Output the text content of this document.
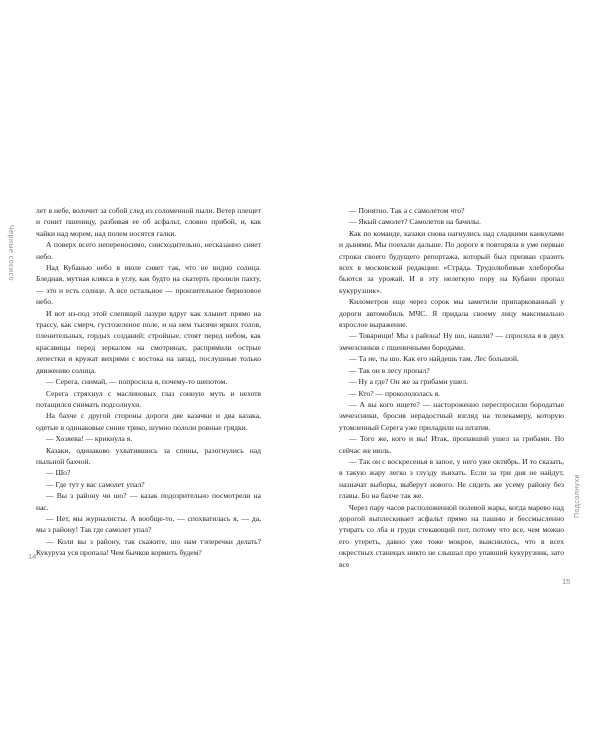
Черные сосисо
14

лет в небе, волочит за собой след из соломенной пыли. Ветер плещет и гонит пшеницу, разбивая ее об асфальт, словно прибой, и, как чайки над морем, над полем носятся галки.

А поверх всего непереносимо, снисходительно, несказанно сияет небо.

Над Кубанью небо в июле сияет так, что не видно солнца. Бледная, мутная клякса в углу, как будто на скатерть пролили пахту, — это и есть солнце. А все остальное — пронзительное бирюзовое небо.

И вот из-под этой слепящей лазури вдруг как хлынет прямо на трассу, как смерч, густозеленое поле, и на нем тысячи ярких голов, пленительных, гордых созданий; стройные, стоят перед небом, как красавицы перед зеркалом на смотринах, распрямили острые лепестки и кружат вихрями с востока на запад, послушные только движению солнца.

— Серега, снимай, — попросила я, почему-то шепотом.

Серега стряхнул с маслиновых глаз сонную муть и нехотя потащился снимать подсолнухи.

На бахче с другой стороны дороги две казачки и два казака, одетые в одинаковые синие трико, шумно пололи ровные грядки.

— Хозяева! — крикнула я.

Казаки, одинаково ухватившись за спины, разогнулись над пыльной бахчой.

— Шо?

— Где тут у вас самолет упал?

— Вы з району чи шо? — казак подозрительно посмотрели на нас.

— Нет, мы журналисты. А вообще-то, — спохватилась я, — да, мы з району! Так где самолет упал?

— Коли вы з району, так скажите, шо нам тэперечки делать? Кукуруза уся пропала! Чем бычков кормить будем?

— Понятно. Так а с самолетом что?

— Якый самолет? Самолетов на бачилы.

Как по команде, казаки снова нагнулись над сладкими канкулами и дынями. Мы поехали дальше. По дороге я повторяла в уме первые строки своего будущего репортажа, который был призван сразить всех в московской редакции: «Страда. Трудолюбивые хлеборобы бьются за урожай. И в эту нелегкую пору на Кубани пропал кукурузник».

Километров еще через сорок мы заметили припаркованный у дороги автомобиль МЧС. Я придала своему лицу максимально взрослое выражение.

— Товарищи! Мы з района! Ну шо, нашли? — спросила я в двух эмчеэсников с пшеничными бородами.

— Та не, ты шо. Как его найдешь там. Лес большой.

— Так он в лесу пропал?

— Ну а где? Он же за грибами ушел.

— Кто? — проколололась я.

— А вы кого ищете? — настороженно переспросили бородатые эмчеэсники, бросив нерадостный взгляд на телекамеру, которую утомленный Серега уже приладили на штатив.

— Того же, кого и вы! Итак, пропавший ушел за грибами. Но сейчас же июль.

— Так он с воскресенья в запое, у него уже октябрь. И то сказать, в такую жару легко з глузду зъихать. Если за три дня не найдут, назначат выборы, выберут нового. Не сидеть же усему району без главы. Бо на бахче так же.

Через пару часов расположенной полевой жары, когда марево над дорогой выплескивает асфальт прямо на пашню и бессмысленно утирать со лба и груди стекающий пот, потому что все, чем можно его утереть, давно уже тоже мокрое, выяснилось, что в всех окрестных станицах никто не слышал про упавший кукурузник, зато все

Подсолнухи
15
